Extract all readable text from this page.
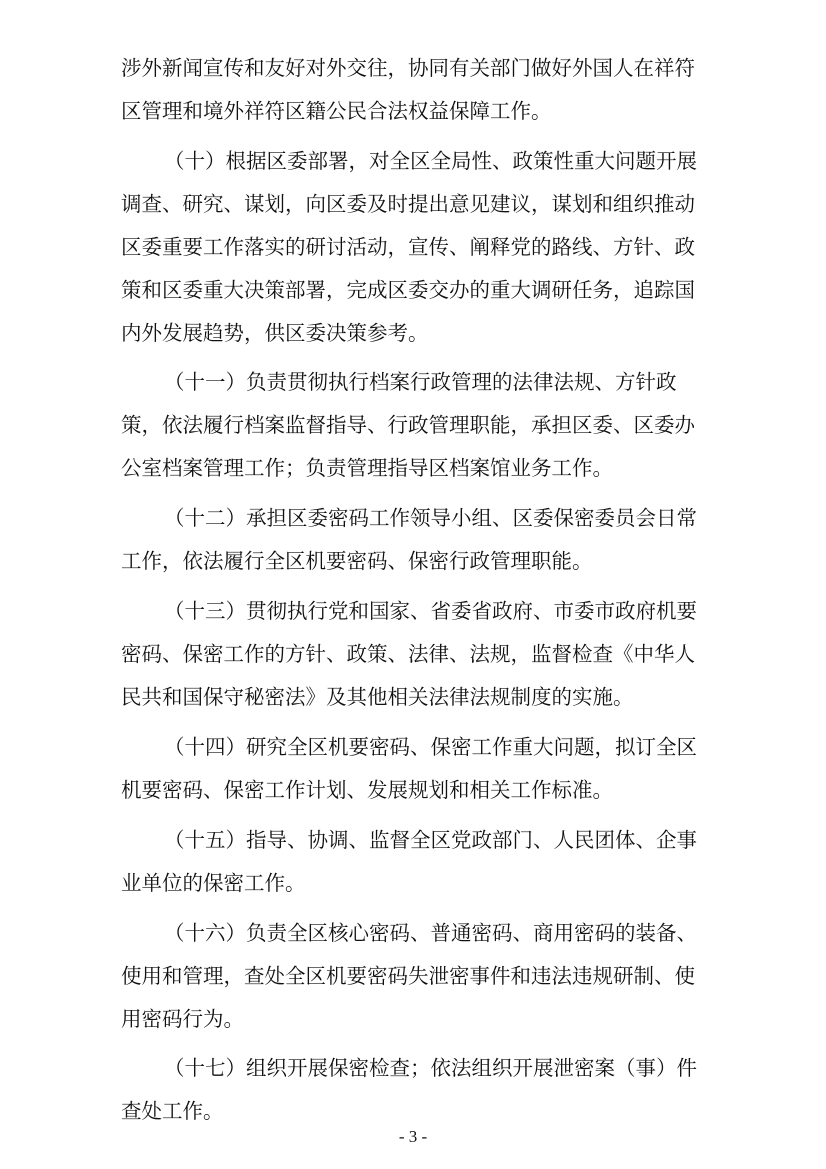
涉外新闻宣传和友好对外交往，协同有关部门做好外国人在祥符
区管理和境外祥符区籍公民合法权益保障工作。
（十）根据区委部署，对全区全局性、政策性重大问题开展
调查、研究、谋划，向区委及时提出意见建议，谋划和组织推动
区委重要工作落实的研讨活动，宣传、阐释党的路线、方针、政
策和区委重大决策部署，完成区委交办的重大调研任务，追踪国
内外发展趋势，供区委决策参考。
（十一）负责贯彻执行档案行政管理的法律法规、方针政
策，依法履行档案监督指导、行政管理职能，承担区委、区委办
公室档案管理工作；负责管理指导区档案馆业务工作。
（十二）承担区委密码工作领导小组、区委保密委员会日常
工作，依法履行全区机要密码、保密行政管理职能。
（十三）贯彻执行党和国家、省委省政府、市委市政府机要
密码、保密工作的方针、政策、法律、法规，监督检查《中华人
民共和国保守秘密法》及其他相关法律法规制度的实施。
（十四）研究全区机要密码、保密工作重大问题，拟订全区
机要密码、保密工作计划、发展规划和相关工作标准。
（十五）指导、协调、监督全区党政部门、人民团体、企事
业单位的保密工作。
（十六）负责全区核心密码、普通密码、商用密码的装备、
使用和管理，查处全区机要密码失泄密事件和违法违规研制、使
用密码行为。
（十七）组织开展保密检查；依法组织开展泄密案（事）件
查处工作。
- 3 -
